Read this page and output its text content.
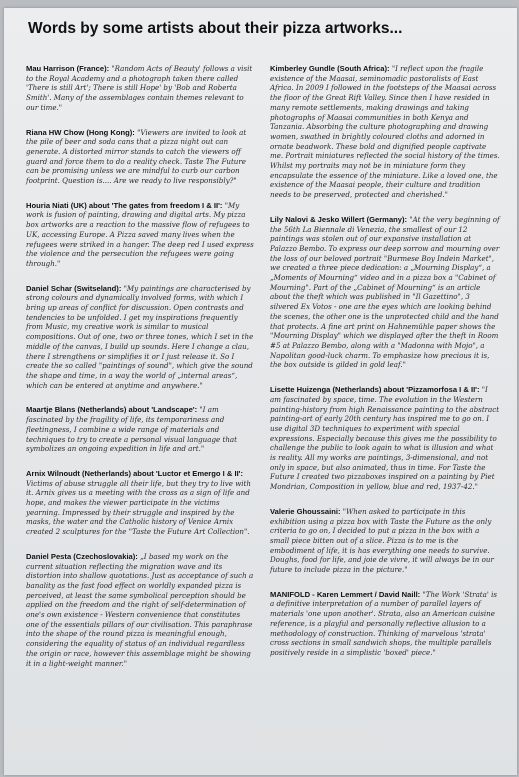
Words by some artists about their pizza artworks...

Mau Harrison (France): "Random Acts of Beauty' follows a visit to the Royal Academy and a photograph taken there called 'There is still Art'; There is still Hope' by 'Bob and Roberta Smith'. Many of the assemblages contain themes relevant to our time."

Riana HW Chow (Hong Kong): "Viewers are invited to look at the pile of beer and soda cans that a pizza night out can generate. A distorted mirror stands to catch the viewers off guard and force them to do a reality check. Taste The Future can be promising unless we are mindful to curb our carbon footprint. Question is.... Are we ready to live responsibly?"

Houria Niati (UK) about 'The gates from freedom I & II': "My work is fusion of painting, drawing and digital arts. My pizza box artworks are a reaction to the massive flow of refugees to UK, accessing Europe. A Pizza saved many lives when the refugees were striked in a hanger. The deep red I used express the violence and the persecution the refugees were going through."

Daniel Schar (Switseland): "My paintings are characterised by strong colours and dynamically involved forms, with which I bring up areas of conflict for discussion. Open contrasts and tendencies to be unfolded. I get my inspirations frequently from Music, my creative work is similar to musical compositions. Out of one, two or three tones, which I set in the middle of the canvas, I build up sounds. Here I change a clau, there I strengthens or simplifies it or I just release it. So I create the so called "paintings of sound", which give the sound the shape and time, in a way the world of „internal areas“, which can be entered at anytime and anywhere."

Maartje Blans (Netherlands) about 'Landscape': "I am fascinated by the fragility of life, its temporariness and fleetingness, I combine a wide range of materials and techniques to try to create a personal visual language that symbolizes an ongoing expedition in life and art."

Arnix Wilnoudt (Netherlands) about 'Luctor et Emergo I & II': Victims of abuse struggle all their life, but they try to live with it. Arnix gives us a meeting with the cross as a sign of life and hope, and makes the viewer participate in the victims yearning. Impressed by their struggle and inspired by the masks, the water and the Catholic history of Venice Arnix created 2 sculptures for the "Taste the Future Art Collection".

Daniel Pesta (Czechoslovakia): „I based my work on the current situation reflecting the migration wave and its distortion into shallow quotations. Just as acceptance of such a banality as the fast food effect on worldly expanded pizza is perceived, at least the same symbolical perception should be applied on the freedom and the right of self-determination of one's own existence - Western convenience that constitutes one of the essentials pillars of our civilisation. This paraphrase into the shape of the round pizza is meaningful enough, considering the equality of status of an individual regardless the origin or race, however this assemblage might be showing it in a light-weight manner."

Kimberley Gundle (South Africa): "I reflect upon the fragile existence of the Maasai, seminomadic pastoralists of East Africa. In 2009 I followed in the footsteps of the Maasai across the floor of the Great Rift Valley. Since then I have resided in many remote settlements, making drawings and taking photographs of Maasai communities in both Kenya and Tanzania. Absorbing the culture photographing and drawing women, swathed in brightly coloured cloths and adorned in ornate beadwork. These bold and dignified people captivate me. Portrait miniatures reflected the social history of the times. Whilst my portraits may not be in miniature form they encapsulate the essence of the miniature. Like a loved one, the existence of the Maasai people, their culture and tradition needs to be preserved, protected and cherished."

Lily Nalovi & Jesko Willert (Germany): "At the very beginning of the 56th La Biennale di Venezia, the smallest of our 12 paintings was stolen out of our expansive installation at Palazzo Bembo. To express our deep sorrow and mourning over the loss of our beloved portrait "Burmese Boy Indein Market", we created a three piece dedication: a „Mourning Display“, a „Moments of Mourning“ video and in a pizza box a "Cabinet of Mourning". Part of the „Cabinet of Mourning“ is an article about the theft which was published in "Il Gazettino", 3 silvered Ex Votos - one are the eyes which are looking behind the scenes, the other one is the unprotected child and the hand that protects. A fine art print on Hahnemühle paper shows the "Mourning Display" which we displayed after the theft in Room #5 at Palazzo Bembo, along with a "Madonna with Mojo", a Napolitan good-luck charm. To emphasize how precious it is, the box outside is gilded in gold leaf."

Lisette Huizenga (Netherlands) about 'Pizzamorfosa I & II': "I am fascinated by space, time. The evolution in the Western painting-history from high Renaissance painting to the abstract painting-art of early 20th century has inspired me to go on. I use digital 3D techniques to experiment with special expressions. Especially because this gives me the possibility to challenge the public to look again to what is illusion and what is reality. All my works are paintings, 3-dimensional, and not only in space, but also animated, thus in time. For Taste the Future I created two pizzaboxes inspired on a painting by Piet Mondrian, Composition in yellow, blue and red, 1937-42."

Valerie Ghoussaini: "When asked to participate in this exhibition using a pizza box with Taste the Future as the only criteria to go on, I decided to put a pizza in the box with a small piece bitten out of a slice. Pizza is to me is the embodiment of life, it is has everything one needs to survive. Doughs, food for life, and joie de vivre, it will always be in our future to include pizza in the picture."

MANIFOLD - Karen Lemmert / David Naill: "The Work 'Strata' is a definitive interpretation of a number of parallel layers of materials 'one upon another'. Strata, also an American cuisine reference, is a playful and personally reflective allusion to a methodology of construction. Thinking of marvelous 'strata' cross sections in small sandwich shops, the multiple parallels positively reside in a simplistic 'boxed' piece."
